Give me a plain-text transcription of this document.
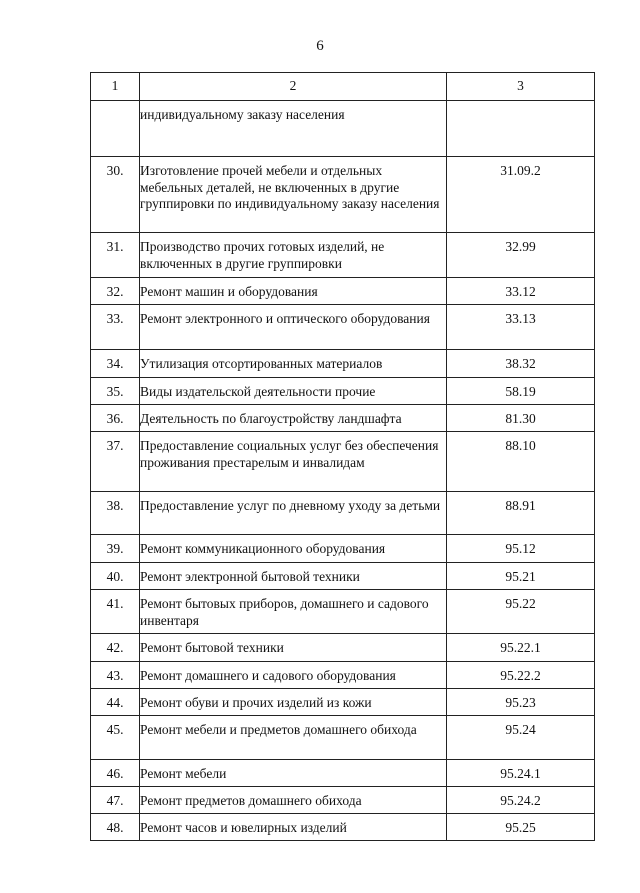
6
1	2	3

	индивидуальному заказу населения	

30.	Изготовление прочей мебели и отдельных мебельных деталей, не включенных в другие группировки по индивидуальному заказу населения	31.09.2

31.	Производство прочих готовых изделий, не включенных в другие группировки	32.99

32.	Ремонт машин и оборудования	33.12

33.	Ремонт электронного и оптического оборудования	33.13

34.	Утилизация отсортированных материалов	38.32

35.	Виды издательской деятельности прочие	58.19

36.	Деятельность по благоустройству ландшафта	81.30

37.	Предоставление социальных услуг без обеспечения проживания престарелым и инвалидам	88.10

38.	Предоставление услуг по дневному уходу за детьми	88.91

39.	Ремонт коммуникационного оборудования	95.12

40.	Ремонт электронной бытовой техники	95.21

41.	Ремонт бытовых приборов, домашнего и садового инвентаря	95.22

42.	Ремонт бытовой техники	95.22.1

43.	Ремонт домашнего и садового оборудования	95.22.2

44.	Ремонт обуви и прочих изделий из кожи	95.23

45.	Ремонт мебели и предметов домашнего обихода	95.24

46.	Ремонт мебели	95.24.1

47.	Ремонт предметов домашнего обихода	95.24.2

48.	Ремонт часов и ювелирных изделий	95.25
